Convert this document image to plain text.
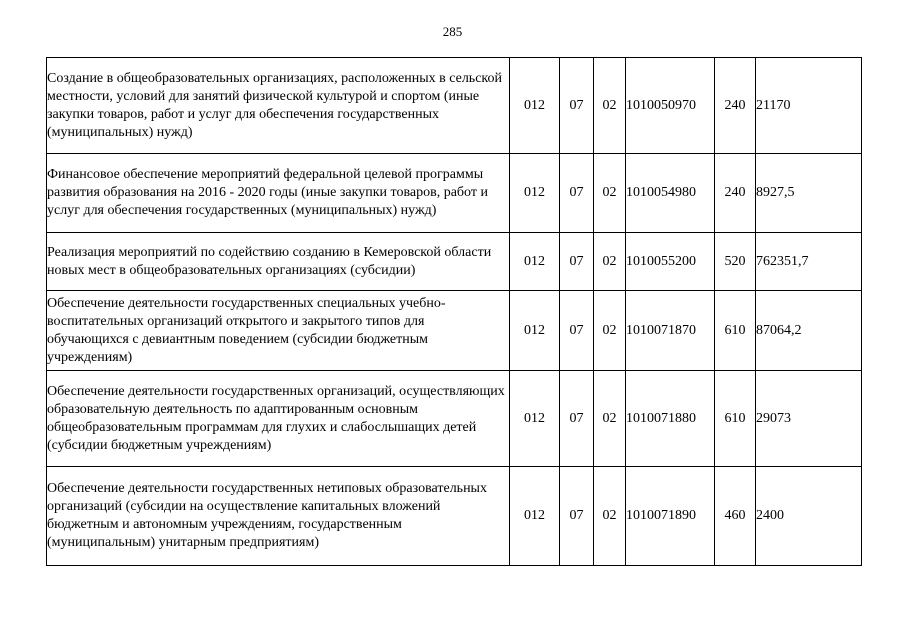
285
Создание в общеобразовательных организациях, расположенных в сельской местности, условий для занятий физической культурой и спортом (иные закупки товаров, работ и услуг для обеспечения государственных (муниципальных) нужд)	012	07	02	1010050970	240	21170
Финансовое обеспечение мероприятий федеральной целевой программы развития образования на 2016 - 2020 годы (иные закупки товаров, работ и услуг для обеспечения государственных (муниципальных) нужд)	012	07	02	1010054980	240	8927,5
Реализация мероприятий по содействию созданию в Кемеровской области новых мест в общеобразовательных организациях (субсидии)	012	07	02	1010055200	520	762351,7
Обеспечение деятельности государственных специальных учебно-воспитательных организаций открытого и закрытого типов для обучающихся с девиантным поведением (субсидии бюджетным учреждениям)	012	07	02	1010071870	610	87064,2
Обеспечение деятельности государственных организаций, осуществляющих образовательную деятельность по адаптированным основным общеобразовательным программам для глухих и слабослышащих детей (субсидии бюджетным учреждениям)	012	07	02	1010071880	610	29073
Обеспечение деятельности государственных нетиповых образовательных организаций (субсидии на осуществление капитальных вложений бюджетным и автономным учреждениям, государственным (муниципальным) унитарным предприятиям)	012	07	02	1010071890	460	2400
